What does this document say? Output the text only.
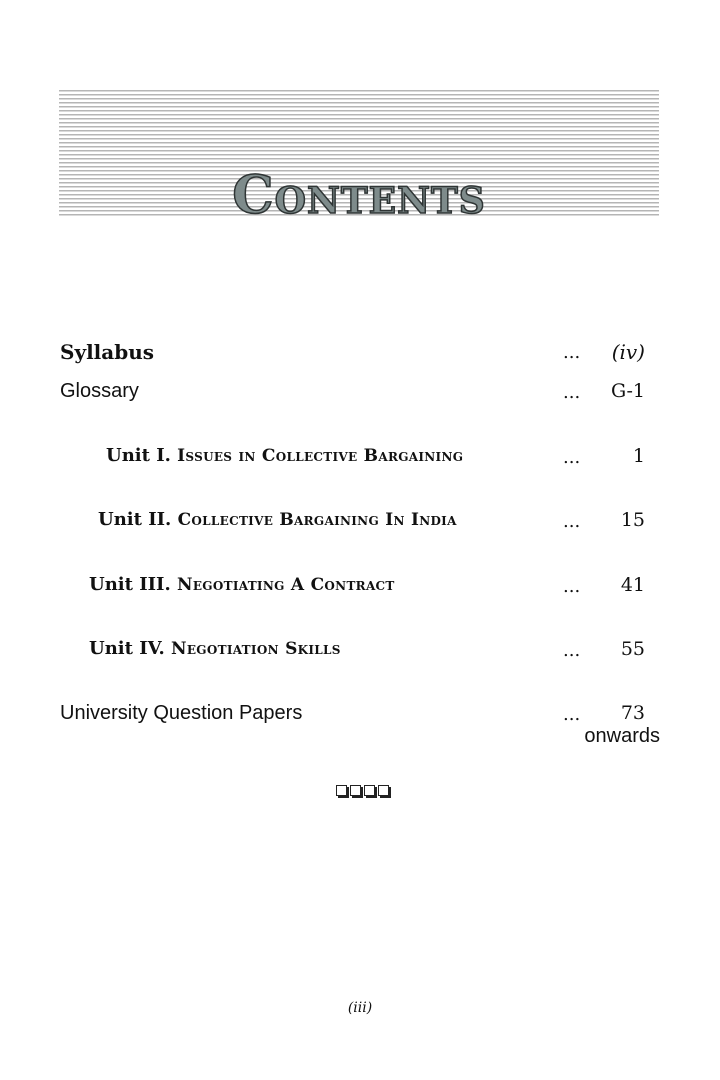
Contents
Syllabus	... (iv)
Glossary	... G-1
Unit I. Issues in Collective Bargaining	...	1
Unit II. Collective Bargaining In India	... 15
Unit III. Negotiating A Contract	... 41
Unit IV. Negotiation Skills	... 55
University Question Papers	... 73
onwards
(iii)
